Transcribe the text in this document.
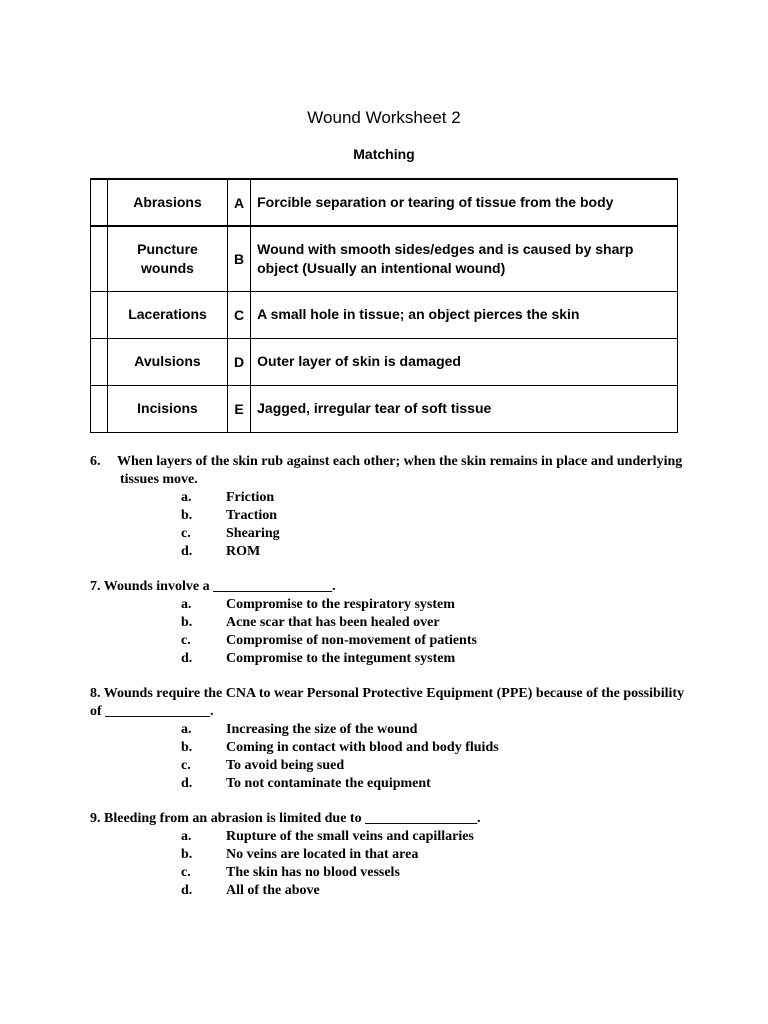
Wound Worksheet 2
Matching
	Abrasions	A	Forcible separation or tearing of tissue from the body
	Puncture wounds	B	Wound with smooth sides/edges and is caused by sharp object (Usually an intentional wound)
	Lacerations	C	A small hole in tissue; an object pierces the skin
	Avulsions	D	Outer layer of skin is damaged
	Incisions	E	Jagged, irregular tear of soft tissue
6. When layers of the skin rub against each other; when the skin remains in place and underlying tissues move.
a. Friction
b. Traction
c.	Shearing
d. ROM
7. Wounds involve a _________________.
a. Compromise to the respiratory system
b. Acne scar that has been healed over
c.	Compromise of non-movement of patients
d. Compromise to the integument system
8. Wounds require the CNA to wear Personal Protective Equipment (PPE) because of the possibility of _______________.
a. Increasing the size of the wound
b. Coming in contact with blood and body fluids
c.	To avoid being sued
d. To not contaminate the equipment
9. Bleeding from an abrasion is limited due to ________________.
a. Rupture of the small veins and capillaries
b. No veins are located in that area
c.	The skin has no blood vessels
d. All of the above
